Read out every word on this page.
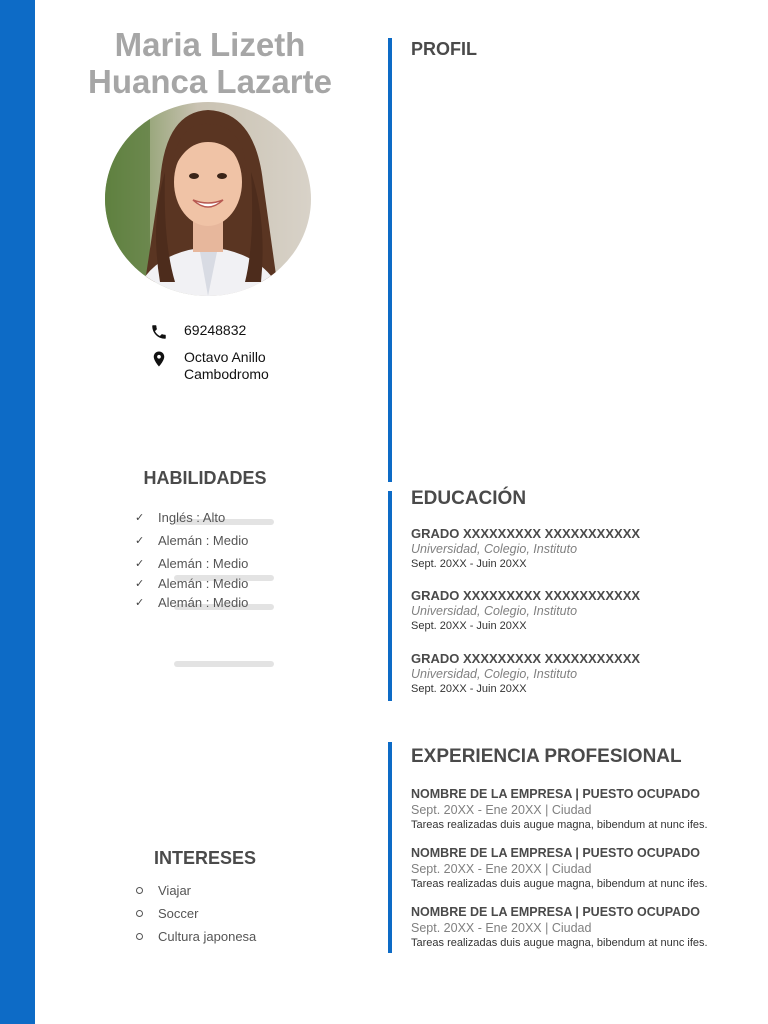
Maria Lizeth
Huanca Lazarte
69248832
Octavo Anillo
Cambodromo
HABILIDADES
✓	Inglés : Alto
✓	Alemán : Medio
✓	Alemán : Medio
✓	Alemán : Medio
✓	Alemán : Medio
INTERESES
Viajar
Soccer
Cultura japonesa
PROFIL
EDUCACIÓN
GRADO XXXXXXXXX XXXXXXXXXXX
Universidad, Colegio, Instituto
Sept. 20XX - Juin 20XX
GRADO XXXXXXXXX XXXXXXXXXXX
Universidad, Colegio, Instituto
Sept. 20XX - Juin 20XX
GRADO XXXXXXXXX XXXXXXXXXXX
Universidad, Colegio, Instituto
Sept. 20XX - Juin 20XX
EXPERIENCIA PROFESIONAL
NOMBRE DE LA EMPRESA | PUESTO OCUPADO
Sept. 20XX - Ene 20XX | Ciudad
Tareas realizadas duis augue magna, bibendum at nunc ifes.
NOMBRE DE LA EMPRESA | PUESTO OCUPADO
Sept. 20XX - Ene 20XX | Ciudad
Tareas realizadas duis augue magna, bibendum at nunc ifes.
NOMBRE DE LA EMPRESA | PUESTO OCUPADO
Sept. 20XX - Ene 20XX | Ciudad
Tareas realizadas duis augue magna, bibendum at nunc ifes.
